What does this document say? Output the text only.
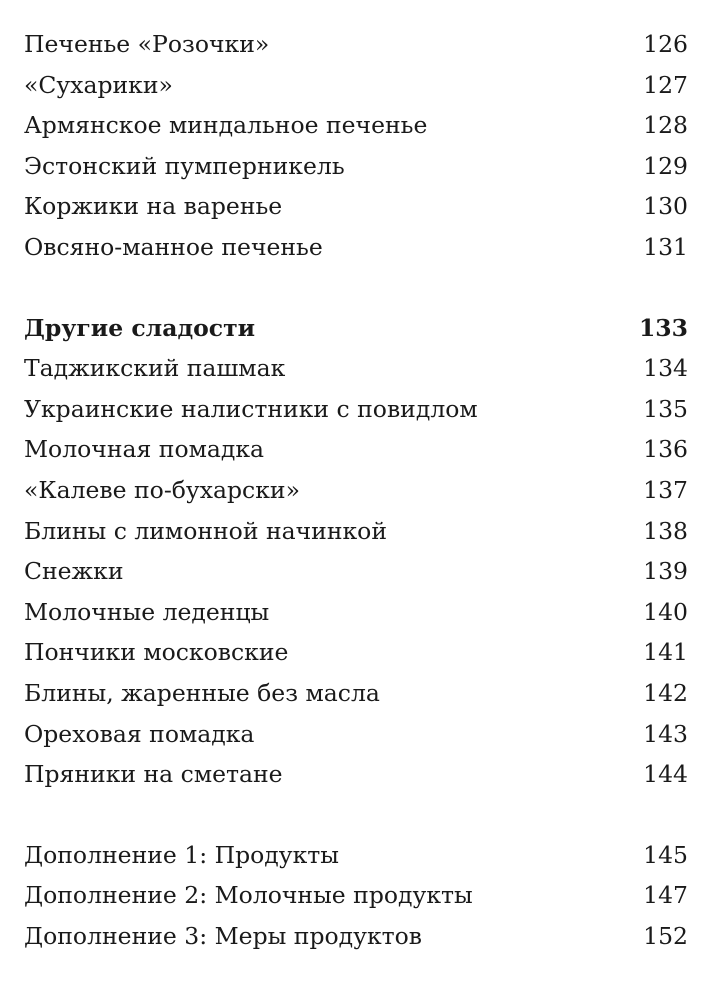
Печенье «Розочки»	126
«Сухарики»	127
Армянское миндальное печенье	128
Эстонский пумперникель	129
Коржики на варенье	130
Овсяно-манное печенье	131
Другие сладости	133
Таджикский пашмак	134
Украинские налистники с повидлом	135
Молочная помадка	136
«Калеве по-бухарски»	137
Блины с лимонной начинкой	138
Снежки	139
Молочные леденцы	140
Пончики московские	141
Блины, жаренные без масла	142
Ореховая помадка	143
Пряники на сметане	144
Дополнение 1: Продукты	145
Дополнение 2: Молочные продукты	147
Дополнение 3: Меры продуктов	152
